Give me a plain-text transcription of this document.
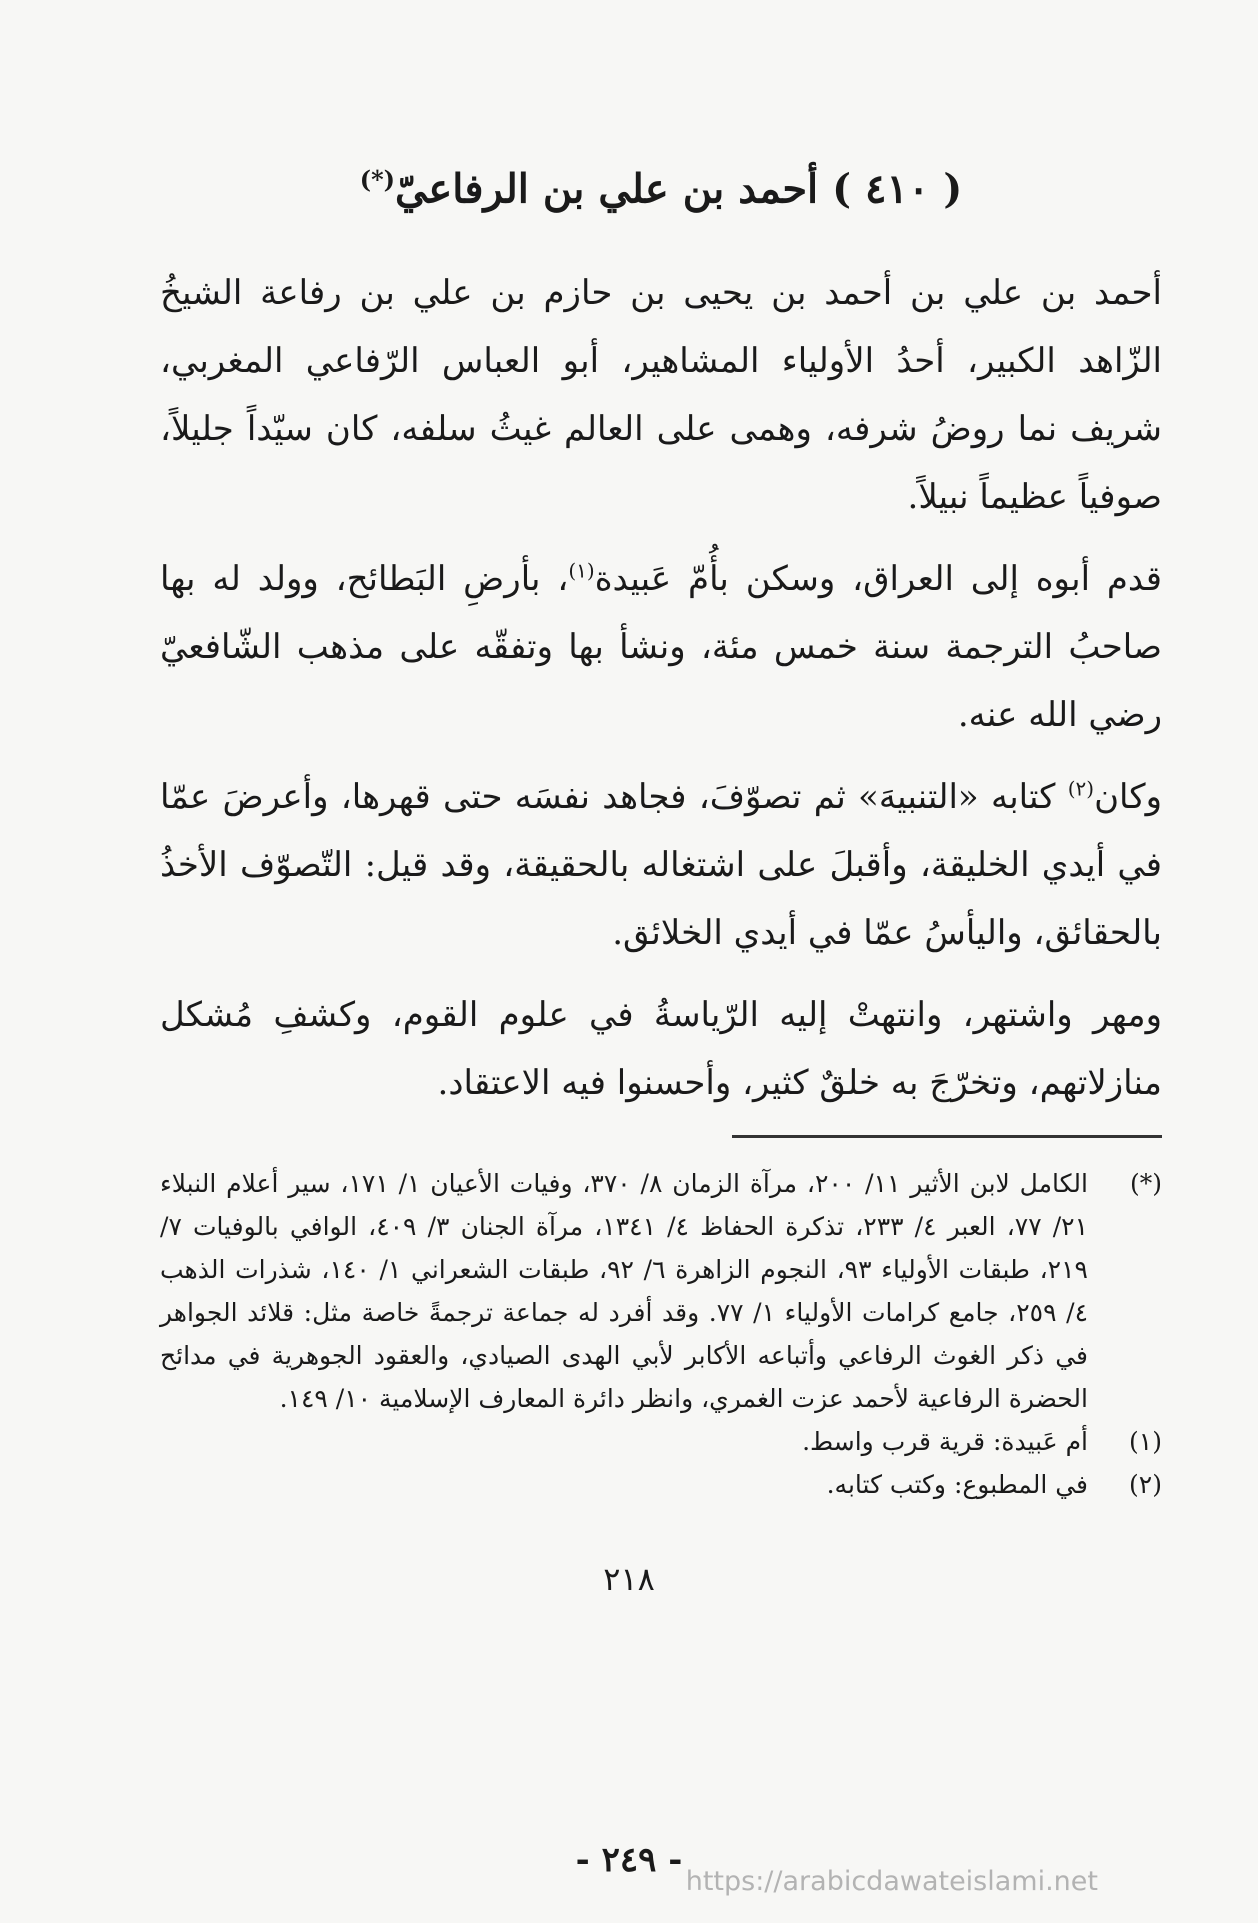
( ٤١٠ ) أحمد بن علي بن الرفاعيّ(*)

أحمد بن علي بن أحمد بن يحيى بن حازم بن علي بن رفاعة الشيخُ الزّاهد الكبير، أحدُ الأولياء المشاهير، أبو العباس الرّفاعي المغربي، شريف نما روضُ شرفه، وهمى على العالم غيثُ سلفه، كان سيّداً جليلاً، صوفياً عظيماً نبيلاً.

قدم أبوه إلى العراق، وسكن بأُمّ عَبيدة$^{(١)}$، بأرضِ البَطائح، وولد له بها صاحبُ الترجمة سنة خمس مئة، ونشأ بها وتفقّه على مذهب الشّافعيّ رضي الله عنه.

وكان$^{(٢)}$ كتابه «التنبيهَ» ثم تصوّفَ، فجاهد نفسَه حتى قهرها، وأعرضَ عمّا في أيدي الخليقة، وأقبلَ على اشتغاله بالحقيقة، وقد قيل: التّصوّف الأخذُ بالحقائق، واليأسُ عمّا في أيدي الخلائق.

ومهر واشتهر، وانتهتْ إليه الرّياسةُ في علوم القوم، وكشفِ مُشكل منازلاتهم، وتخرّجَ به خلقٌ كثير، وأحسنوا فيه الاعتقاد.

(*)
الكامل لابن الأثير ١١/ ٢٠٠، مرآة الزمان ٨/ ٣٧٠، وفيات الأعيان ١/ ١٧١، سير أعلام النبلاء ٢١/ ٧٧، العبر ٤/ ٢٣٣، تذكرة الحفاظ ٤/ ١٣٤١، مرآة الجنان ٣/ ٤٠٩، الوافي بالوفيات ٧/ ٢١٩، طبقات الأولياء ٩٣، النجوم الزاهرة ٦/ ٩٢، طبقات الشعراني ١/ ١٤٠، شذرات الذهب ٤/ ٢٥٩، جامع كرامات الأولياء ١/ ٧٧. وقد أفرد له جماعة ترجمةً خاصة مثل: قلائد الجواهر في ذكر الغوث الرفاعي وأتباعه الأكابر لأبي الهدى الصيادي، والعقود الجوهرية في مدائح الحضرة الرفاعية لأحمد عزت الغمري، وانظر دائرة المعارف الإسلامية ١٠/ ١٤٩.
(١)
أم عَبيدة: قرية قرب واسط.
(٢)
في المطبوع: وكتب كتابه.
٢١٨
- ٢٤٩ -
https://arabicdawateislami.net
